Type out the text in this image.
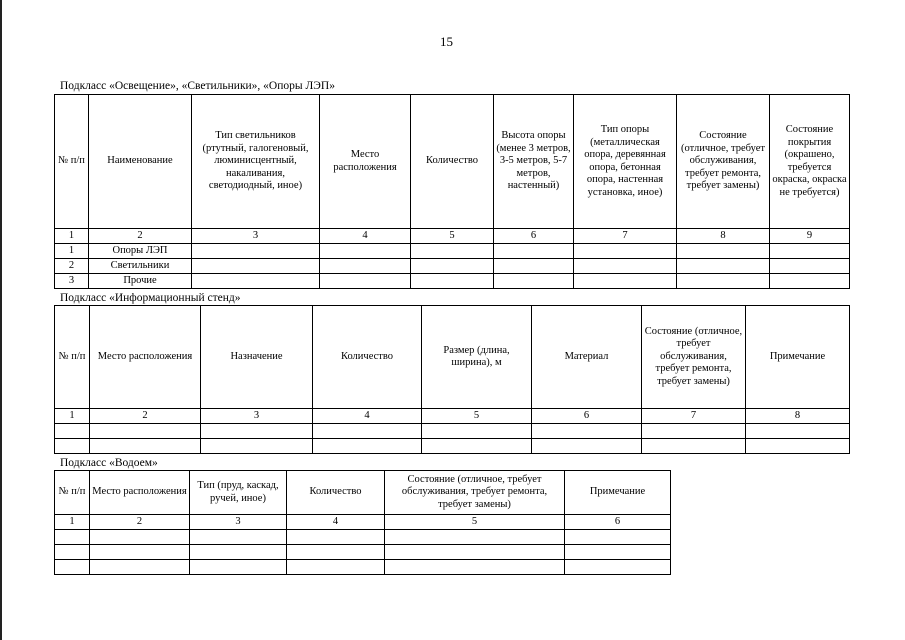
15
Подкласс «Освещение», «Светильники», «Опоры ЛЭП»
№ п/п	Наименование	Тип светильников (ртутный, галогеновый, люминисцентный, накаливания, светодиодный, иное)	Место расположения	Количество	Высота опоры (менее 3 метров, 3-5 метров, 5-7 метров, настенный)	Тип опоры (металлическая опора, деревянная опора, бетонная опора, настенная установка, иное)	Состояние (отличное, требует обслуживания, требует ремонта, требует замены)	Состояние покрытия (окрашено, требуется окраска, окраска не требуется)
1	2	3	4	5	6	7	8	9
1	Опоры ЛЭП							
2	Светильники							
3	Прочие							
Подкласс «Информационный стенд»
№ п/п	Место расположения	Назначение	Количество	Размер (длина, ширина), м	Материал	Состояние (отличное, требует обслуживания, требует ремонта, требует замены)	Примечание
1	2	3	4	5	6	7	8

Подкласс «Водоем»
№ п/п	Место расположения	Тип (пруд, каскад, ручей, иное)	Количество	Состояние (отличное, требует обслуживания, требует ремонта, требует замены)	Примечание
1	2	3	4	5	6
